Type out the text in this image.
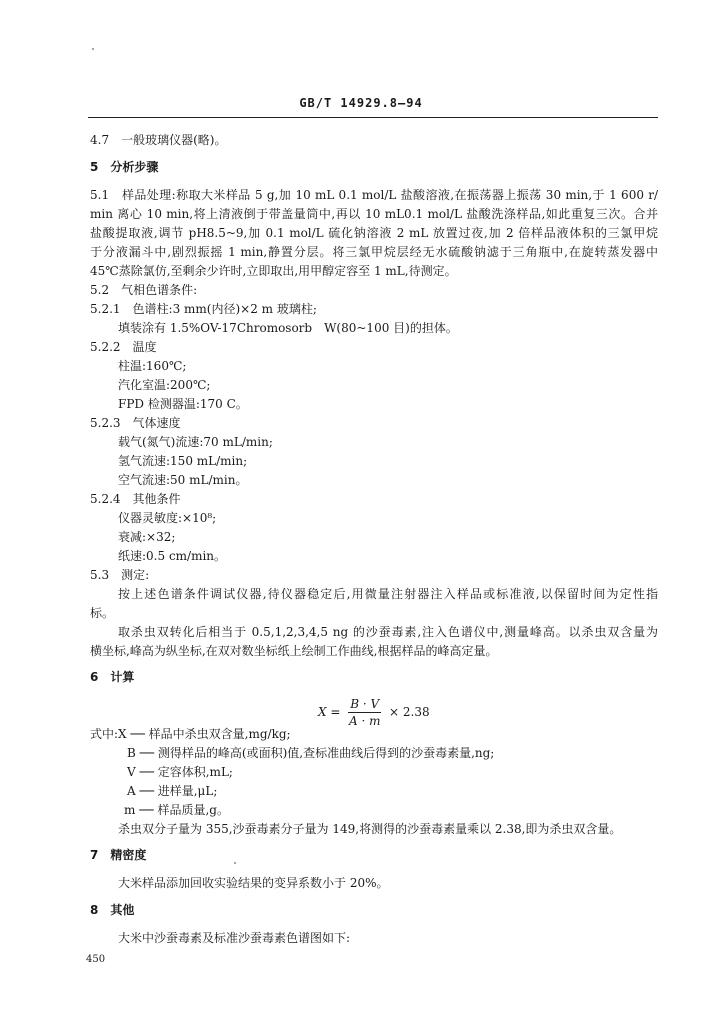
GB/T 14929.8—94
4.7　一般玻璃仪器(略)。
5　分析步骤
5.1　样品处理:称取大米样品 5 g,加 10 mL 0.1 mol/L 盐酸溶液,在振荡器上振荡 30 min,于 1 600 r/
min 离心 10 min,将上清液倒于带盖量筒中,再以 10 mL0.1 mol/L 盐酸洗涤样品,如此重复三次。合并
盐酸提取液,调节 pH8.5~9,加 0.1 mol/L 硫化钠溶液 2 mL 放置过夜,加 2 倍样品液体积的三氯甲烷
于分液漏斗中,剧烈振摇 1 min,静置分层。将三氯甲烷层经无水硫酸钠滤于三角瓶中,在旋转蒸发器中
45℃蒸除氯仿,至剩余少许时,立即取出,用甲醇定容至 1 mL,待测定。
5.2　气相色谱条件:
5.2.1　色谱柱:3 mm(内径)×2 m 玻璃柱;
填装涂有 1.5%OV-17Chromosorb　W(80~100 目)的担体。
5.2.2　温度
柱温:160℃;
汽化室温:200℃;
FPD 检测器温:170 C。
5.2.3　气体速度
载气(氮气)流速:70 mL/min;
氢气流速:150 mL/min;
空气流速:50 mL/min。
5.2.4　其他条件
仪器灵敏度:×10⁸;
衰减:×32;
纸速:0.5 cm/min。
5.3　测定:
按上述色谱条件调试仪器,待仪器稳定后,用微量注射器注入样品或标准液,以保留时间为定性指
标。
取杀虫双转化后相当于 0.5,1,2,3,4,5 ng 的沙蚕毒素,注入色谱仪中,测量峰高。以杀虫双含量为
横坐标,峰高为纵坐标,在双对数坐标纸上绘制工作曲线,根据样品的峰高定量。
6　计算
$X = \frac{B \cdot V}{A \cdot m} \times 2.38$
式中:X ── 样品中杀虫双含量,mg/kg;
B ── 测得样品的峰高(或面积)值,查标准曲线后得到的沙蚕毒素量,ng;
V ── 定容体积,mL;
A ── 进样量,μL;
m ── 样品质量,g。
杀虫双分子量为 355,沙蚕毒素分子量为 149,将测得的沙蚕毒素量乘以 2.38,即为杀虫双含量。
7　精密度
大米样品添加回收实验结果的变异系数小于 20%。
8　其他
大米中沙蚕毒素及标准沙蚕毒素色谱图如下:
450
